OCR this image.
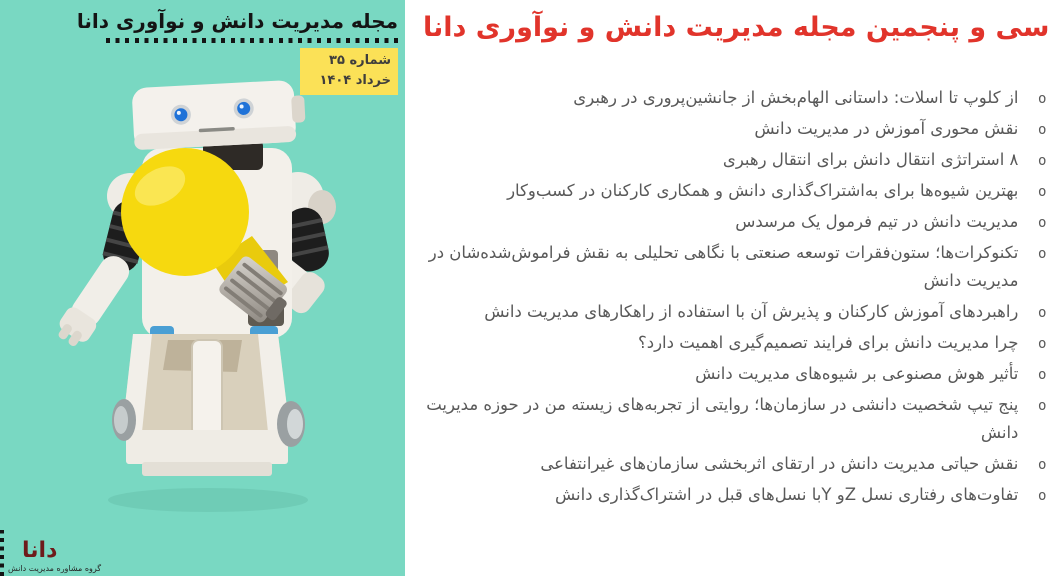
مجله مدیریت دانش و نوآوری دانا
شماره ۳۵
خرداد ۱۴۰۴
دانا
گروه مشاوره مدیریت دانش
سی و پنجمین مجله مدیریت دانش و نوآوری دانا
o
از کلوپ تا اسلات: داستانی الهام‌بخش از جانشین‌پروری در رهبری
o
نقش محوری آموزش در مدیریت دانش
o
۸ استراتژی انتقال دانش برای انتقال رهبری
o
بهترین شیوه‌ها برای به‌اشتراک‌گذاری دانش و همکاری کارکنان در کسب‌وکار
o
مدیریت دانش در تیم فرمول یک مرسدس
o
تکنوکرات‌ها؛ ستون‌فقرات توسعه صنعتی با نگاهی تحلیلی به نقش فراموش‌شده‌شان در مدیریت دانش
o
راهبردهای آموزش کارکنان و پذیرش آن با استفاده از راهکارهای مدیریت دانش
o
چرا مدیریت دانش برای فرایند تصمیم‌گیری اهمیت دارد؟
o
تأثیر هوش مصنوعی بر شیوه‌های مدیریت دانش
o
پنج تیپ شخصیت دانشی در سازمان‌ها؛ روایتی از تجربه‌های زیسته من در حوزه مدیریت دانش
o
نقش حیاتی مدیریت دانش در ارتقای اثربخشی سازمان‌های غیرانتفاعی
o
تفاوت‌های رفتاری نسل Zو Yبا نسل‌های قبل در اشتراک‌گذاری دانش
